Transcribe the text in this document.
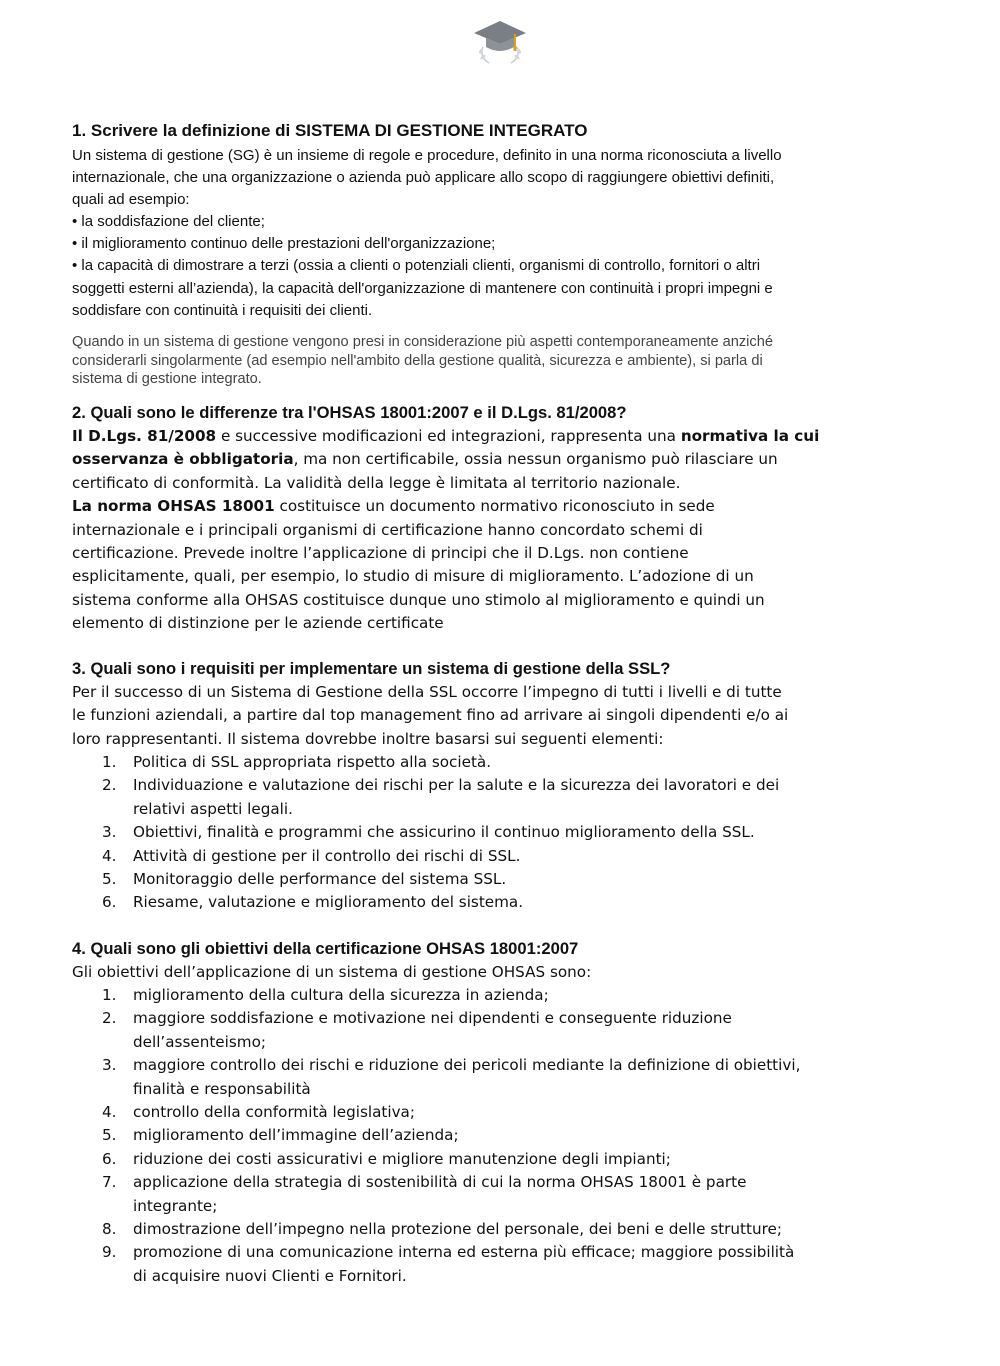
1. Scrivere la definizione di SISTEMA DI GESTIONE INTEGRATO
Un sistema di gestione (SG) è un insieme di regole e procedure, definito in una norma riconosciuta a livello
internazionale, che una organizzazione o azienda può applicare allo scopo di raggiungere obiettivi definiti,
quali ad esempio:
• la soddisfazione del cliente;
• il miglioramento continuo delle prestazioni dell'organizzazione;
• la capacità di dimostrare a terzi (ossia a clienti o potenziali clienti, organismi di controllo, fornitori o altri
soggetti esterni all’azienda), la capacità dell'organizzazione di mantenere con continuità i propri impegni e
soddisfare con continuità i requisiti dei clienti.
Quando in un sistema di gestione vengono presi in considerazione più aspetti contemporaneamente anziché
considerarli singolarmente (ad esempio nell'ambito della gestione qualità, sicurezza e ambiente), si parla di
sistema di gestione integrato.
2. Quali sono le differenze tra l'OHSAS 18001:2007 e il D.Lgs. 81/2008?
Il D.Lgs. 81/2008 e successive modificazioni ed integrazioni, rappresenta una normativa la cui
osservanza è obbligatoria, ma non certificabile, ossia nessun organismo può rilasciare un
certificato di conformità. La validità della legge è limitata al territorio nazionale.
La norma OHSAS 18001 costituisce un documento normativo riconosciuto in sede
internazionale e i principali organismi di certificazione hanno concordato schemi di
certificazione. Prevede inoltre l’applicazione di principi che il D.Lgs. non contiene
esplicitamente, quali, per esempio, lo studio di misure di miglioramento. L’adozione di un
sistema conforme alla OHSAS costituisce dunque uno stimolo al miglioramento e quindi un
elemento di distinzione per le aziende certificate
3. Quali sono i requisiti per implementare un sistema di gestione della SSL?
Per il successo di un Sistema di Gestione della SSL occorre l’impegno di tutti i livelli e di tutte
le funzioni aziendali, a partire dal top management fino ad arrivare ai singoli dipendenti e/o ai
loro rappresentanti. Il sistema dovrebbe inoltre basarsi sui seguenti elementi:
1.	Politica di SSL appropriata rispetto alla società.
2.	Individuazione e valutazione dei rischi per la salute e la sicurezza dei lavoratori e dei
relativi aspetti legali.
3.	Obiettivi, finalità e programmi che assicurino il continuo miglioramento della SSL.
4.	Attività di gestione per il controllo dei rischi di SSL.
5.	Monitoraggio delle performance del sistema SSL.
6.	Riesame, valutazione e miglioramento del sistema.
4. Quali sono gli obiettivi della certificazione OHSAS 18001:2007
Gli obiettivi dell’applicazione di un sistema di gestione OHSAS sono:
1.	miglioramento della cultura della sicurezza in azienda;
2.	maggiore soddisfazione e motivazione nei dipendenti e conseguente riduzione
dell’assenteismo;
3.	maggiore controllo dei rischi e riduzione dei pericoli mediante la definizione di obiettivi,
finalità e responsabilità
4.	controllo della conformità legislativa;
5.	miglioramento dell’immagine dell’azienda;
6.	riduzione dei costi assicurativi e migliore manutenzione degli impianti;
7.	applicazione della strategia di sostenibilità di cui la norma OHSAS 18001 è parte
integrante;
8.	dimostrazione dell’impegno nella protezione del personale, dei beni e delle strutture;
9.	promozione di una comunicazione interna ed esterna più efficace; maggiore possibilità
di acquisire nuovi Clienti e Fornitori.
